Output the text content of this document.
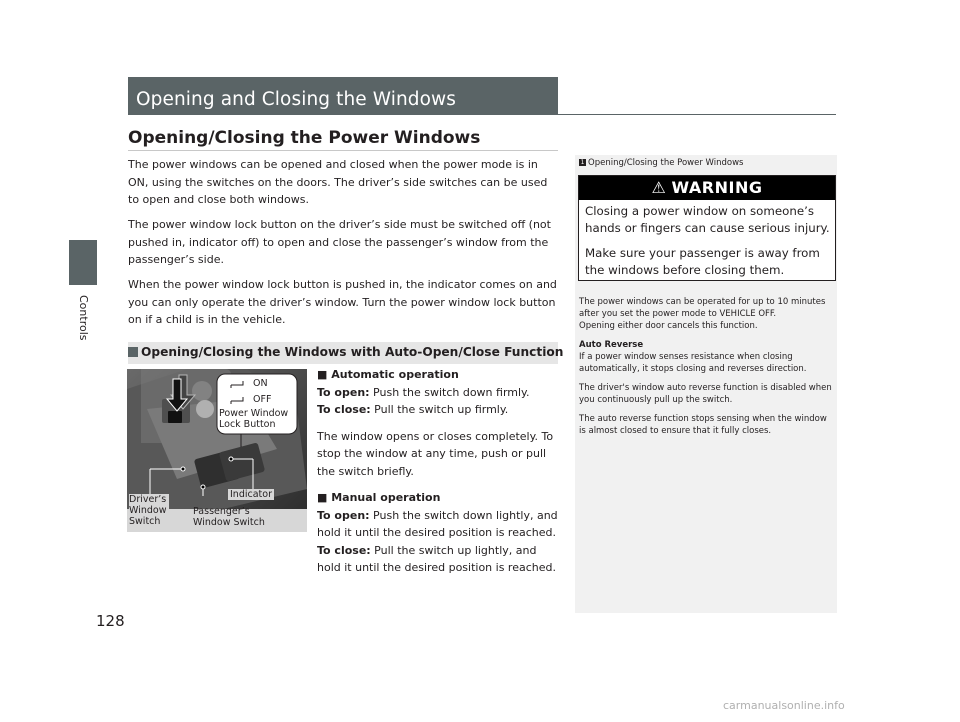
Controls
128
Opening and Closing the Windows
Opening/Closing the Power Windows
The power windows can be opened and closed when the power mode is in ON, using the switches on the doors. The driver’s side switches can be used to open and close both windows.
The power window lock button on the driver’s side must be switched off (not pushed in, indicator off) to open and close the passenger’s window from the passenger’s side.
When the power window lock button is pushed in, the indicator comes on and you can only operate the driver’s window. Turn the power window lock button on if a child is in the vehicle.
Opening/Closing the Windows with Auto-Open/Close Function
ON
OFF
Power Window
Lock Button
Indicator
Driver’s
Window
Switch
Passenger’s
Window Switch

■ Automatic operation

To open: Push the switch down firmly.

To close: Pull the switch up firmly.

The window opens or closes completely. To stop the window at any time, push or pull the switch briefly.

■ Manual operation

To open: Push the switch down lightly, and hold it until the desired position is reached.

To close: Pull the switch up lightly, and hold it until the desired position is reached.

1 Opening/Closing the Power Windows
⚠ WARNING

Closing a power window on someone’s hands or fingers can cause serious injury.

Make sure your passenger is away from the windows before closing them.

The power windows can be operated for up to 10 minutes after you set the power mode to VEHICLE OFF.
Opening either door cancels this function.

Auto Reverse

If a power window senses resistance when closing automatically, it stops closing and reverses direction.

The driver's window auto reverse function is disabled when you continuously pull up the switch.

The auto reverse function stops sensing when the window is almost closed to ensure that it fully closes.

carmanualsonline.info
